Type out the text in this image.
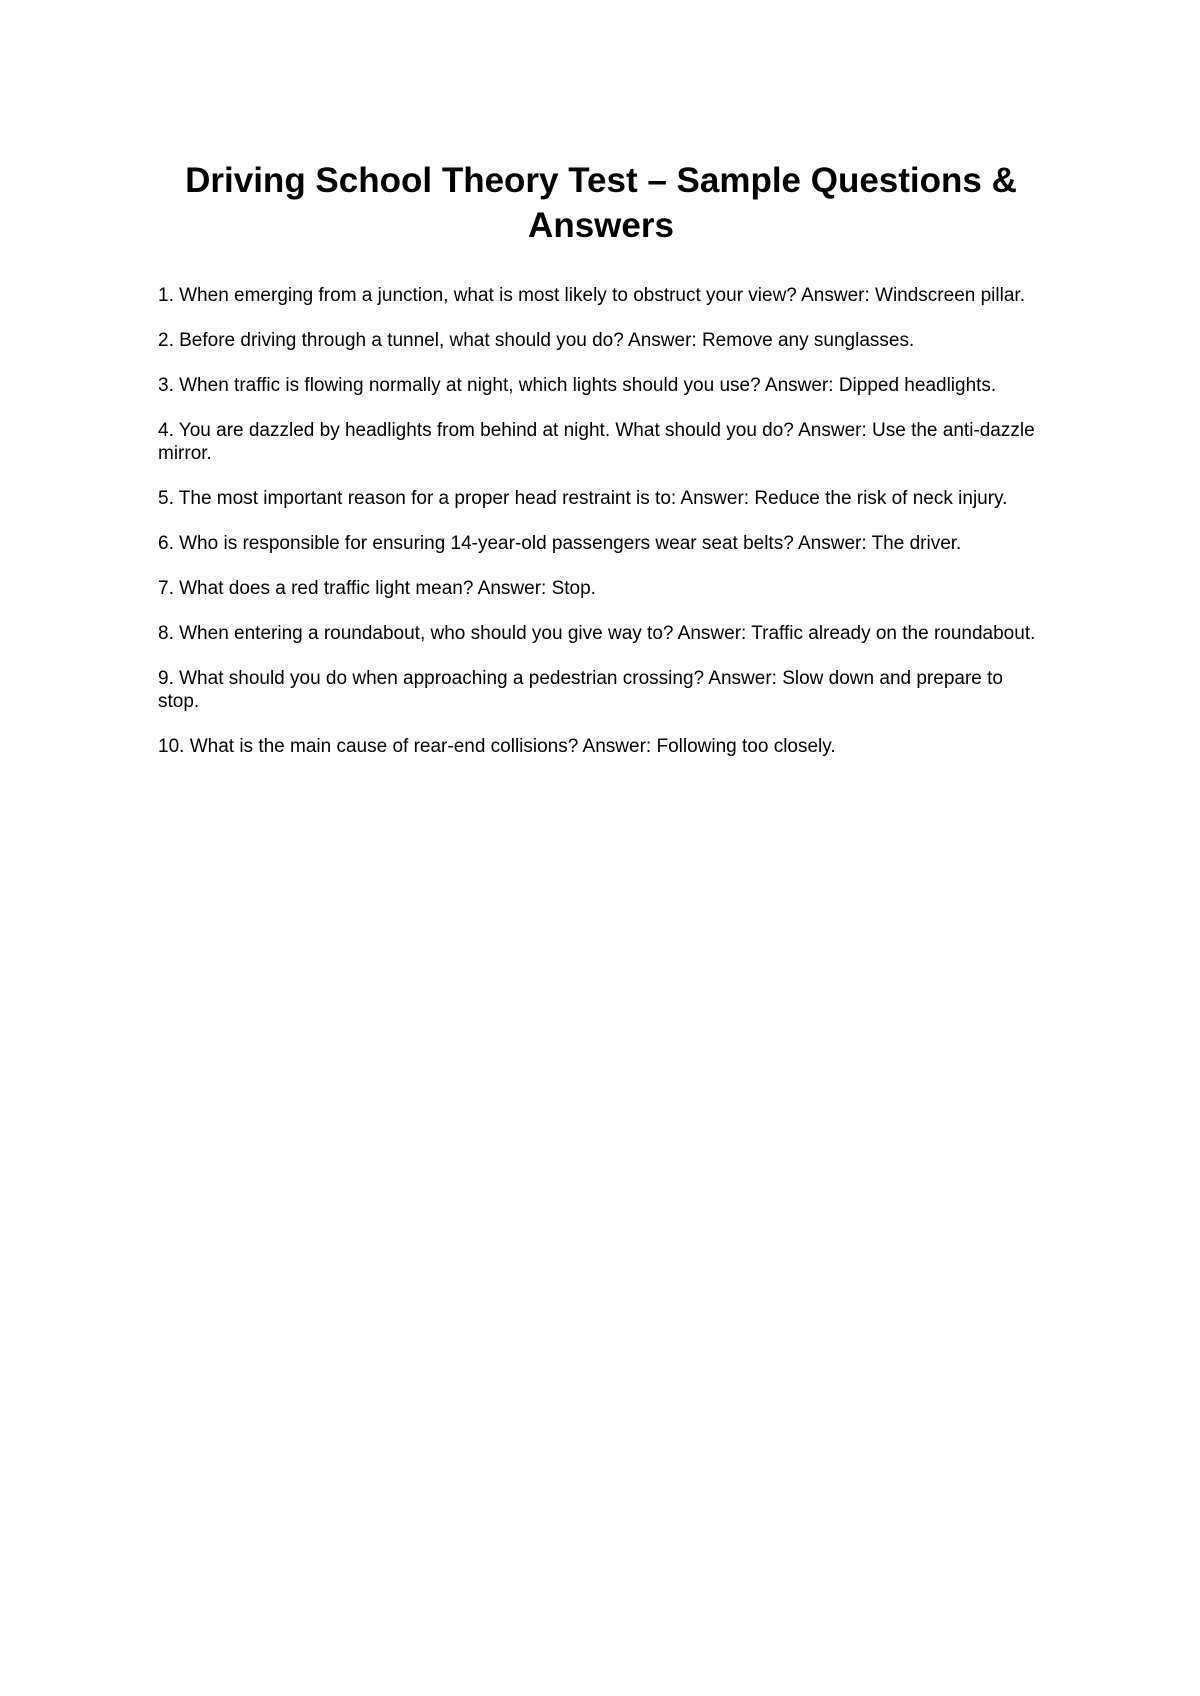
Driving School Theory Test – Sample Questions & Answers
1. When emerging from a junction, what is most likely to obstruct your view? Answer: Windscreen pillar.
2. Before driving through a tunnel, what should you do? Answer: Remove any sunglasses.
3. When traffic is flowing normally at night, which lights should you use? Answer: Dipped headlights.
4. You are dazzled by headlights from behind at night. What should you do? Answer: Use the anti-dazzle mirror.
5. The most important reason for a proper head restraint is to: Answer: Reduce the risk of neck injury.
6. Who is responsible for ensuring 14-year-old passengers wear seat belts? Answer: The driver.
7. What does a red traffic light mean? Answer: Stop.
8. When entering a roundabout, who should you give way to? Answer: Traffic already on the roundabout.
9. What should you do when approaching a pedestrian crossing? Answer: Slow down and prepare to stop.
10. What is the main cause of rear-end collisions? Answer: Following too closely.
